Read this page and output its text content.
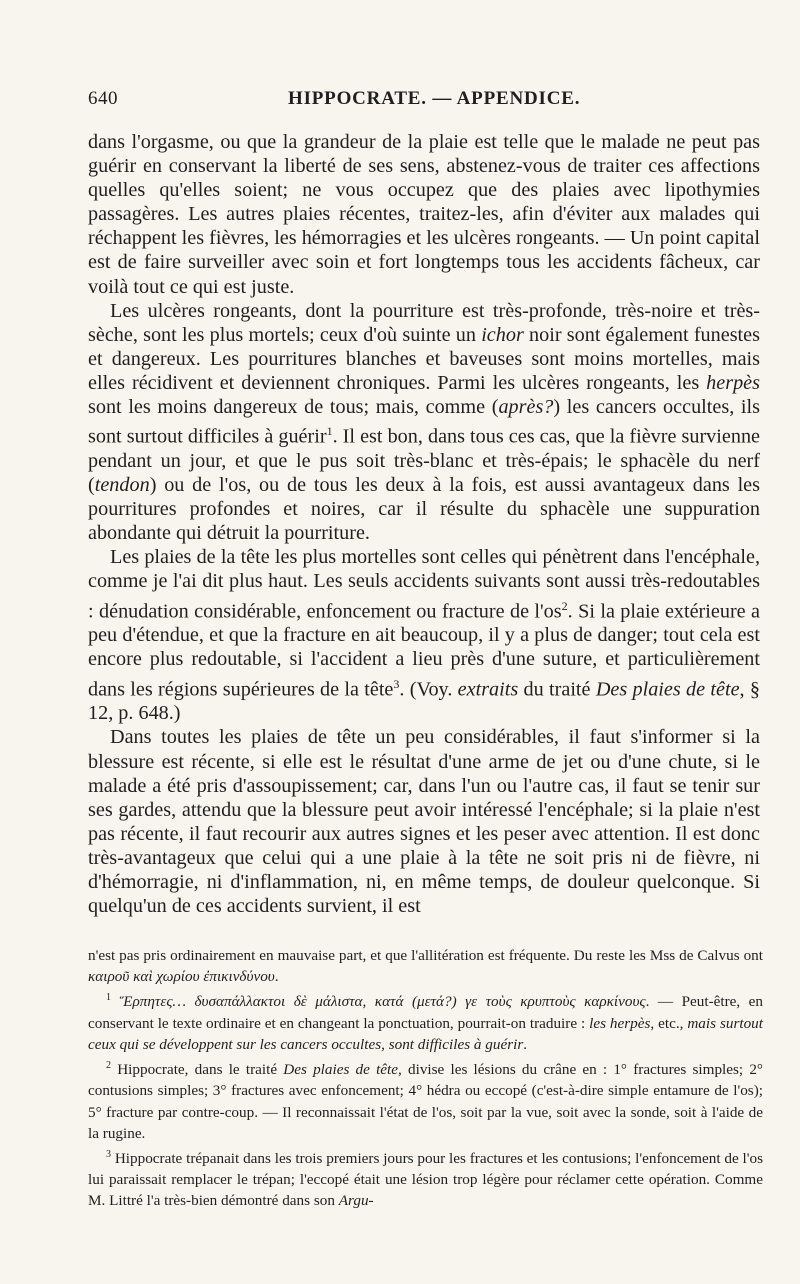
640	HIPPOCRATE. — APPENDICE.

dans l'orgasme, ou que la grandeur de la plaie est telle que le malade ne peut pas guérir en conservant la liberté de ses sens, abstenez-vous de traiter ces affections quelles qu'elles soient; ne vous occupez que des plaies avec lipothymies passagères. Les autres plaies récentes, traitez-les, afin d'éviter aux malades qui réchappent les fièvres, les hémorragies et les ulcères rongeants. — Un point capital est de faire surveiller avec soin et fort longtemps tous les accidents fâcheux, car voilà tout ce qui est juste.

Les ulcères rongeants, dont la pourriture est très-profonde, très-noire et très-sèche, sont les plus mortels; ceux d'où suinte un ichor noir sont également funestes et dangereux. Les pourritures blanches et baveuses sont moins mortelles, mais elles récidivent et deviennent chroniques. Parmi les ulcères rongeants, les herpès sont les moins dangereux de tous; mais, comme (après?) les cancers occultes, ils sont surtout difficiles à guérir$^1$. Il est bon, dans tous ces cas, que la fièvre survienne pendant un jour, et que le pus soit très-blanc et très-épais; le sphacèle du nerf (tendon) ou de l'os, ou de tous les deux à la fois, est aussi avantageux dans les pourritures profondes et noires, car il résulte du sphacèle une suppuration abondante qui détruit la pourriture.

Les plaies de la tête les plus mortelles sont celles qui pénètrent dans l'encéphale, comme je l'ai dit plus haut. Les seuls accidents suivants sont aussi très-redoutables : dénudation considérable, enfoncement ou fracture de $l'os^2$. Si la plaie extérieure a peu d'étendue, et que la fracture en ait beaucoup, il y a plus de danger; tout cela est encore plus redoutable, si l'accident a lieu près d'une suture, et particulièrement dans les régions supérieures de la tête$^3$. (Voy. extraits du traité Des plaies de tête, § 12, p. 648.)

Dans toutes les plaies de tête un peu considérables, il faut s'informer si la blessure est récente, si elle est le résultat d'une arme de jet ou d'une chute, si le malade a été pris d'assoupissement; car, dans l'un ou l'autre cas, il faut se tenir sur ses gardes, attendu que la blessure peut avoir intéressé l'encéphale; si la plaie n'est pas récente, il faut recourir aux autres signes et les peser avec attention. Il est donc très-avantageux que celui qui a une plaie à la tête ne soit pris ni de fièvre, ni d'hémorragie, ni d'inflammation, ni, en même temps, de douleur quelconque. Si quelqu'un de ces accidents survient, il est

n'est pas pris ordinairement en mauvaise part, et que l'allitération est fréquente. Du reste les Mss de Calvus ont καιροῦ καὶ χωρίου ἐπικινδύνου.

$^1$ Ἕρπητες… δυσαπάλλακτοι δὲ μάλιστα, κατά (μετά?) γε τοὺς κρυπτοὺς καρκίνους. — Peut-être, en conservant le texte ordinaire et en changeant la ponctuation, pourrait-on traduire : les herpès, etc., mais surtout ceux qui se développent sur les cancers occultes, sont difficiles à guérir.

$^2$ Hippocrate, dans le traité Des plaies de tête, divise les lésions du crâne en : 1° fractures simples; 2° contusions simples; 3° fractures avec enfoncement; 4° hédra ou eccopé (c'est-à-dire simple entamure de l'os); 5° fracture par contre-coup. — Il reconnaissait l'état de l'os, soit par la vue, soit avec la sonde, soit à l'aide de la rugine.

$^3$ Hippocrate trépanait dans les trois premiers jours pour les fractures et les contusions; l'enfoncement de l'os lui paraissait remplacer le trépan; l'eccopé était une lésion trop légère pour réclamer cette opération. Comme M. Littré l'a très-bien démontré dans son Argu-
